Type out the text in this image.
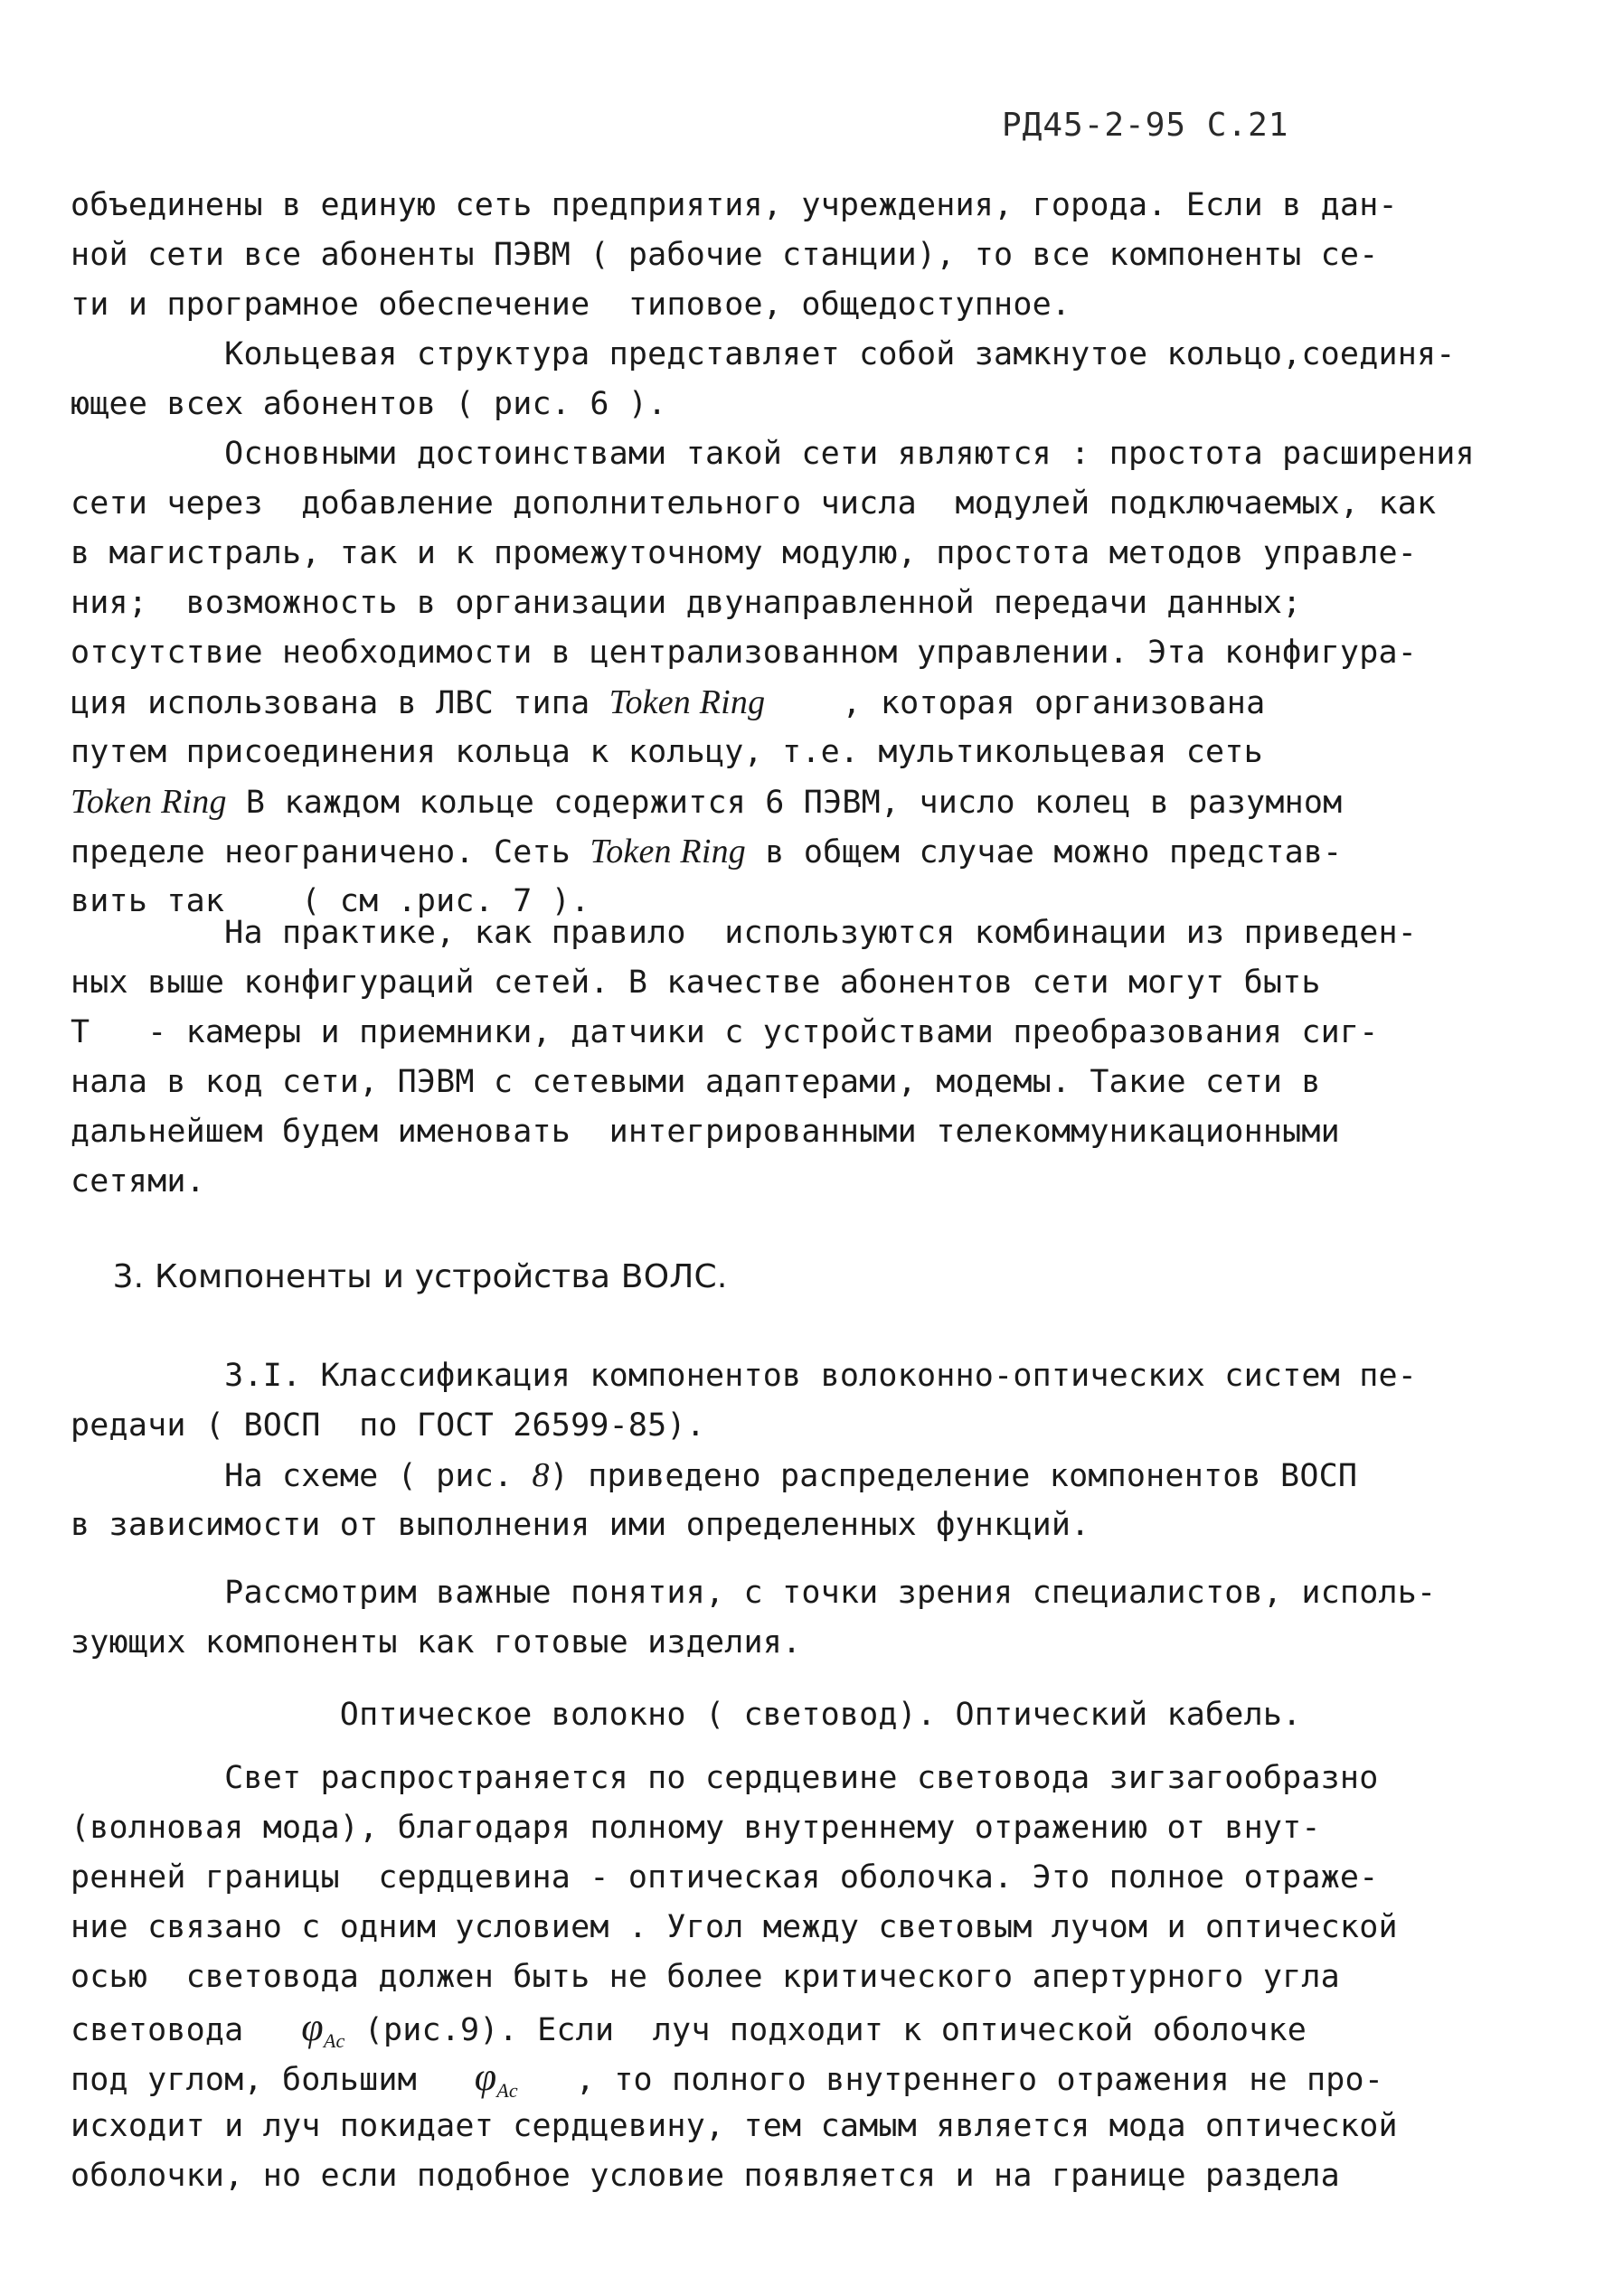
РД45-2-95 С.21
объединены в единую сеть предприятия, учреждения, города. Если в дан-
ной сети все абоненты ПЭВМ ( рабочие станции), то все компоненты се-
ти и програмное обеспечение  типовое, общедоступное.
Кольцевая структура представляет собой замкнутое кольцо,соединя-
ющее всех абонентов ( рис. 6 ).
Основными достоинствами такой сети являются : простота расширения
сети через  добавление дополнительного числа  модулей подключаемых, как
в магистраль, так и к промежуточному модулю, простота методов управле-
ния;  возможность в организации двунаправленной передачи данных;
отсутствие необходимости в централизованном управлении. Эта конфигура-
ция использована в ЛВС типа Token Ring    , которая организована
путем присоединения кольца к кольцу, т.е. мультикольцевая сеть
Token Ring В каждом кольце содержится 6 ПЭВМ, число колец в разумном
пределе неограничено. Сеть Token Ring в общем случае можно представ-
вить так    ( см .рис. 7 ).
На практике, как правило  используются комбинации из приведен-
ных выше конфигураций сетей. В качестве абонентов сети могут быть
Т   - камеры и приемники, датчики с устройствами преобразования сиг-
нала в код сети, ПЭВМ с сетевыми адаптерами, модемы. Такие сети в
дальнейшем будем именовать  интегрированными телекоммуникационными
сетями.
3. Компоненты и устройства ВОЛС.
3.I. Классификация компонентов волоконно-оптических систем пе-
редачи ( ВОСП  по ГОСТ 26599-85).
На схеме ( рис. 8) приведено распределение компонентов ВОСП
в зависимости от выполнения ими определенных функций.
Рассмотрим важные понятия, с точки зрения специалистов, исполь-
зующих компоненты как готовые изделия.
Оптическое волокно ( световод). Оптический кабель.
Свет распространяется по сердцевине световода зигзагообразно
(волновая мода), благодаря полному внутреннему отражению от внут-
ренней границы  сердцевина - оптическая оболочка. Это полное отраже-
ние связано с одним условием . Угол между световым лучом и оптической
осью  световода должен быть не более критического апертурного угла
световода   $\varphi_{Ac}$ (рис.9). Если  луч подходит к оптической оболочке
под углом, большим   $\varphi_{Ac}$   , то полного внутреннего отражения не про-
исходит и луч покидает сердцевину, тем самым является мода оптической
оболочки, но если подобное условие появляется и на границе раздела
